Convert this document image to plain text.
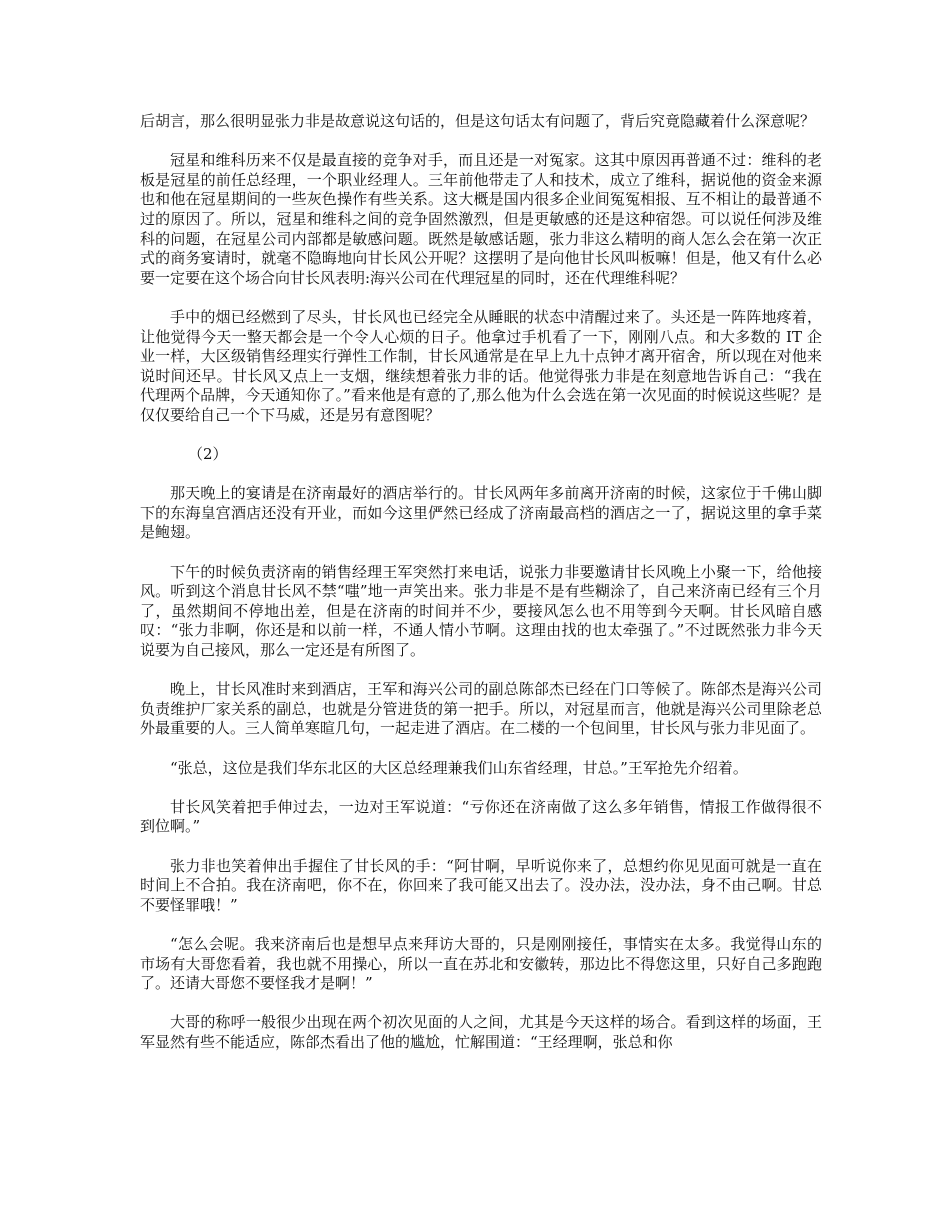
后胡言，那么很明显张力非是故意说这句话的，但是这句话太有问题了，背后究竟隐藏着什么深意呢？

冠星和维科历来不仅是最直接的竞争对手，而且还是一对冤家。这其中原因再普通不过：维科的老板是冠星的前任总经理，一个职业经理人。三年前他带走了人和技术，成立了维科，据说他的资金来源也和他在冠星期间的一些灰色操作有些关系。这大概是国内很多企业间冤冤相报、互不相让的最普通不过的原因了。所以，冠星和维科之间的竞争固然激烈，但是更敏感的还是这种宿怨。可以说任何涉及维科的问题，在冠星公司内部都是敏感问题。既然是敏感话题，张力非这么精明的商人怎么会在第一次正式的商务宴请时，就毫不隐晦地向甘长风公开呢？这摆明了是向他甘长风叫板嘛！但是，他又有什么必要一定要在这个场合向甘长风表明:海兴公司在代理冠星的同时，还在代理维科呢？

手中的烟已经燃到了尽头，甘长风也已经完全从睡眠的状态中清醒过来了。头还是一阵阵地疼着，让他觉得今天一整天都会是一个令人心烦的日子。他拿过手机看了一下，刚刚八点。和大多数的 IT 企业一样，大区级销售经理实行弹性工作制，甘长风通常是在早上九十点钟才离开宿舍，所以现在对他来说时间还早。甘长风又点上一支烟，继续想着张力非的话。他觉得张力非是在刻意地告诉自己：“我在代理两个品牌，今天通知你了。”看来他是有意的了,那么他为什么会选在第一次见面的时候说这些呢？是仅仅要给自己一个下马威，还是另有意图呢？

（2）

那天晚上的宴请是在济南最好的酒店举行的。甘长风两年多前离开济南的时候，这家位于千佛山脚下的东海皇宫酒店还没有开业，而如今这里俨然已经成了济南最高档的酒店之一了，据说这里的拿手菜是鲍翅。

下午的时候负责济南的销售经理王军突然打来电话，说张力非要邀请甘长风晚上小聚一下，给他接风。听到这个消息甘长风不禁“嗤”地一声笑出来。张力非是不是有些糊涂了，自己来济南已经有三个月了，虽然期间不停地出差，但是在济南的时间并不少，要接风怎么也不用等到今天啊。甘长风暗自感叹：“张力非啊，你还是和以前一样，不通人情小节啊。这理由找的也太牵强了。”不过既然张力非今天说要为自己接风，那么一定还是有所图了。

晚上，甘长风准时来到酒店，王军和海兴公司的副总陈郃杰已经在门口等候了。陈郃杰是海兴公司负责维护厂家关系的副总，也就是分管进货的第一把手。所以，对冠星而言，他就是海兴公司里除老总外最重要的人。三人简单寒暄几句，一起走进了酒店。在二楼的一个包间里，甘长风与张力非见面了。

“张总，这位是我们华东北区的大区总经理兼我们山东省经理，甘总。”王军抢先介绍着。

甘长风笑着把手伸过去，一边对王军说道：“亏你还在济南做了这么多年销售，情报工作做得很不到位啊。”

张力非也笑着伸出手握住了甘长风的手：“阿甘啊，早听说你来了，总想约你见见面可就是一直在时间上不合拍。我在济南吧，你不在，你回来了我可能又出去了。没办法，没办法，身不由己啊。甘总不要怪罪哦！”

“怎么会呢。我来济南后也是想早点来拜访大哥的，只是刚刚接任，事情实在太多。我觉得山东的市场有大哥您看着，我也就不用操心，所以一直在苏北和安徽转，那边比不得您这里，只好自己多跑跑了。还请大哥您不要怪我才是啊！”

大哥的称呼一般很少出现在两个初次见面的人之间，尤其是今天这样的场合。看到这样的场面，王军显然有些不能适应，陈郃杰看出了他的尴尬，忙解围道：“王经理啊，张总和你
